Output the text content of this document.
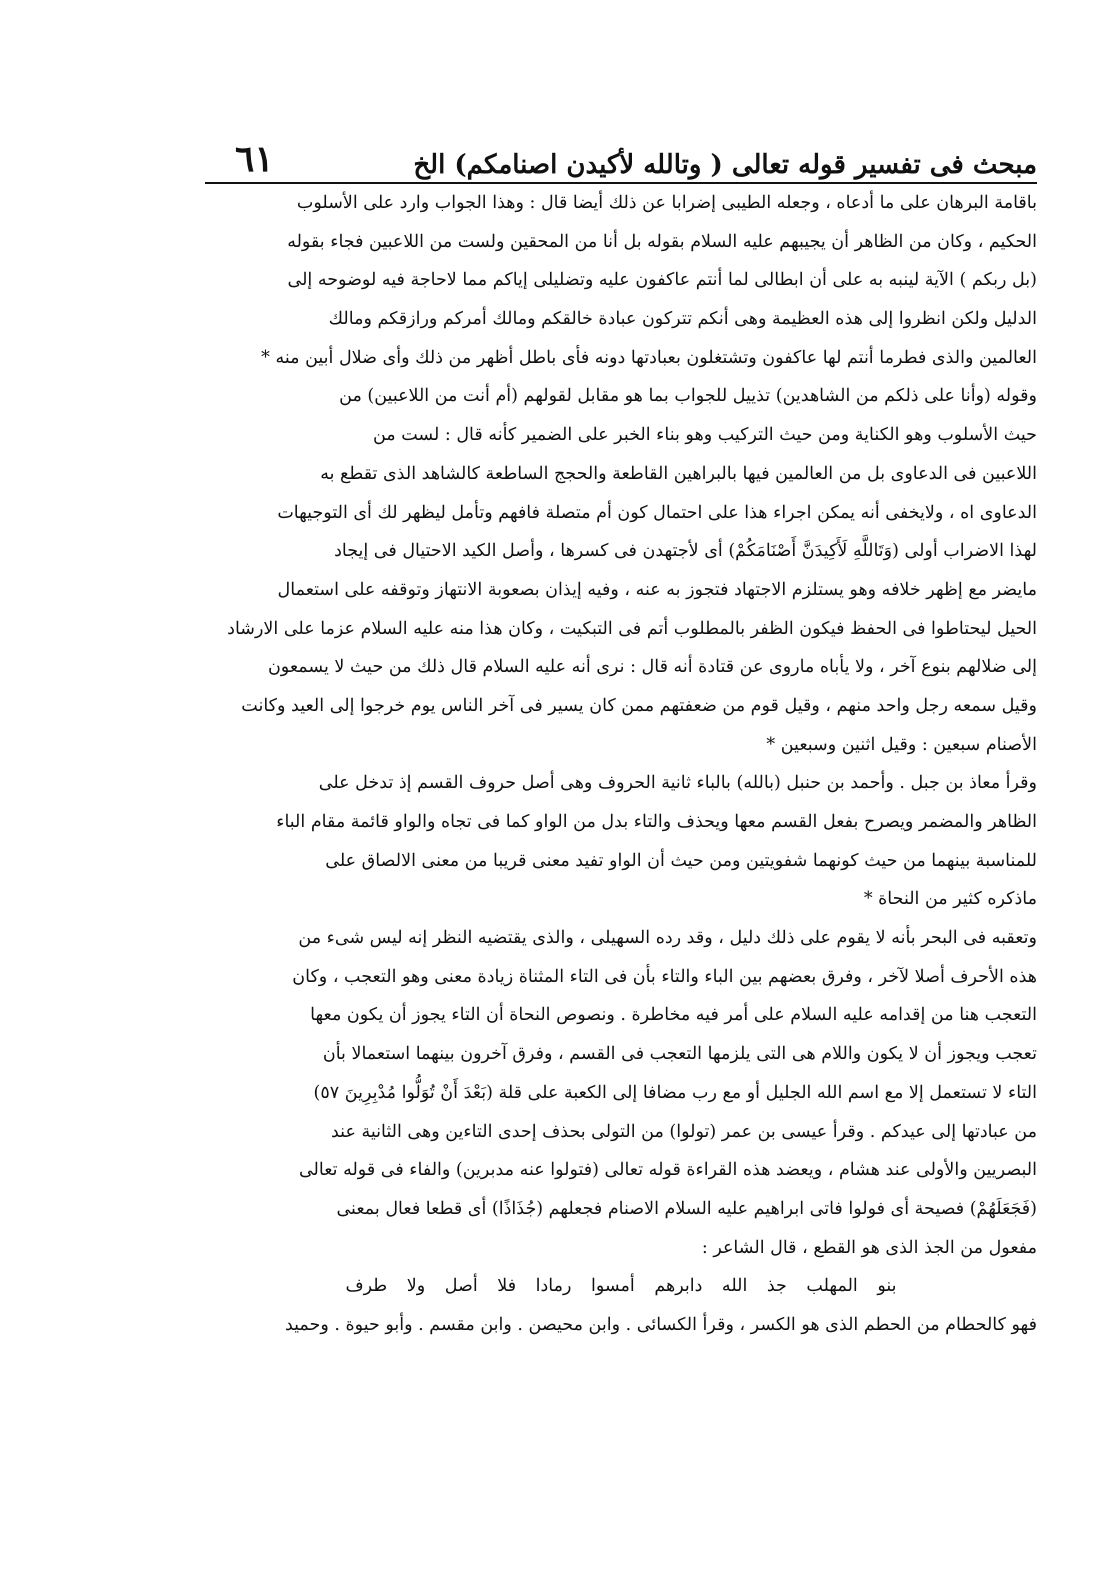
مبحث فى تفسير قوله تعالى ( وتالله لأكيدن اصنامكم) الخ
٦١
باقامة البرهان على ما أدعاه ، وجعله الطيبى إضرابا عن ذلك أيضا قال : وهذا الجواب وارد على الأسلوب
الحكيم ، وكان من الظاهر أن يجيبهم عليه السلام بقوله بل أنا من المحقين ولست من اللاعبين فجاء بقوله
(بل ربكم ) الآية لينبه به على أن ابطالى لما أنتم عاكفون عليه وتضليلى إياكم مما لاحاجة فيه لوضوحه إلى
الدليل ولكن انظروا إلى هذه العظيمة وهى أنكم تتركون عبادة خالقكم ومالك أمركم ورازقكم ومالك
العالمين والذى فطرما أنتم لها عاكفون وتشتغلون بعبادتها دونه فأى باطل أظهر من ذلك وأى ضلال أبين منه *
وقوله (وأنا على ذلكم من الشاهدين) تذييل للجواب بما هو مقابل لقولهم (أم أنت من اللاعبين) من
حيث الأسلوب وهو الكناية ومن حيث التركيب وهو بناء الخبر على الضمير كأنه قال : لست من
اللاعبين فى الدعاوى بل من العالمين فيها بالبراهين القاطعة والحجج الساطعة كالشاهد الذى تقطع به
الدعاوى اه ، ولايخفى أنه يمكن اجراء هذا على احتمال كون أم متصلة فافهم وتأمل ليظهر لك أى التوجيهات
لهذا الاضراب أولى (وَتَاللَّهِ لَأَكِيدَنَّ أَصْنَامَكُمْ) أى لأجتهدن فى كسرها ، وأصل الكيد الاحتيال فى إيجاد
مايضر مع إظهر خلافه وهو يستلزم الاجتهاد فتجوز به عنه ، وفيه إيذان بصعوبة الانتهاز وتوقفه على استعمال
الحيل ليحتاطوا فى الحفظ فيكون الظفر بالمطلوب أتم فى التبكيت ، وكان هذا منه عليه السلام عزما على الارشاد
إلى ضلالهم بنوع آخر ، ولا يأباه ماروى عن قتادة أنه قال : نرى أنه عليه السلام قال ذلك من حيث لا يسمعون
وقيل سمعه رجل واحد منهم ، وقيل قوم من ضعفتهم ممن كان يسير فى آخر الناس يوم خرجوا إلى العيد وكانت
الأصنام سبعين : وقيل اثنين وسبعين *
وقرأ معاذ بن جبل . وأحمد بن حنبل (بالله) بالباء ثانية الحروف وهى أصل حروف القسم إذ تدخل على
الظاهر والمضمر ويصرح بفعل القسم معها ويحذف والتاء بدل من الواو كما فى تجاه والواو قائمة مقام الباء
للمناسبة بينهما من حيث كونهما شفويتين ومن حيث أن الواو تفيد معنى قريبا من معنى الالصاق على
ماذكره كثير من النحاة *
وتعقبه فى البحر بأنه لا يقوم على ذلك دليل ، وقد رده السهيلى ، والذى يقتضيه النظر إنه ليس شىء من
هذه الأحرف أصلا لآخر ، وفرق بعضهم بين الباء والتاء بأن فى التاء المثناة زيادة معنى وهو التعجب ، وكان
التعجب هنا من إقدامه عليه السلام على أمر فيه مخاطرة . ونصوص النحاة أن التاء يجوز أن يكون معها
تعجب ويجوز أن لا يكون واللام هى التى يلزمها التعجب فى القسم ، وفرق آخرون بينهما استعمالا بأن
التاء لا تستعمل إلا مع اسم الله الجليل أو مع رب مضافا إلى الكعبة على قلة (بَعْدَ أَنْ تُوَلُّوا مُدْبِرِينَ ٥٧)
من عبادتها إلى عيدكم . وقرأ عيسى بن عمر (تولوا) من التولى بحذف إحدى التاءين وهى الثانية عند
البصريين والأولى عند هشام ، ويعضد هذه القراءة قوله تعالى (فتولوا عنه مدبرين) والفاء فى قوله تعالى
(فَجَعَلَهُمْ) فصيحة أى فولوا فاتى ابراهيم عليه السلام الاصنام فجعلهم (جُذَاذًا) أى قطعا فعال بمعنى
مفعول من الجذ الذى هو القطع ، قال الشاعر :
بنو المهلب جذ الله دابرهم أمسوا رمادا فلا أصل ولا طرف
فهو كالحطام من الحطم الذى هو الكسر ، وقرأ الكسائى . وابن محيصن . وابن مقسم . وأبو حيوة . وحميد
